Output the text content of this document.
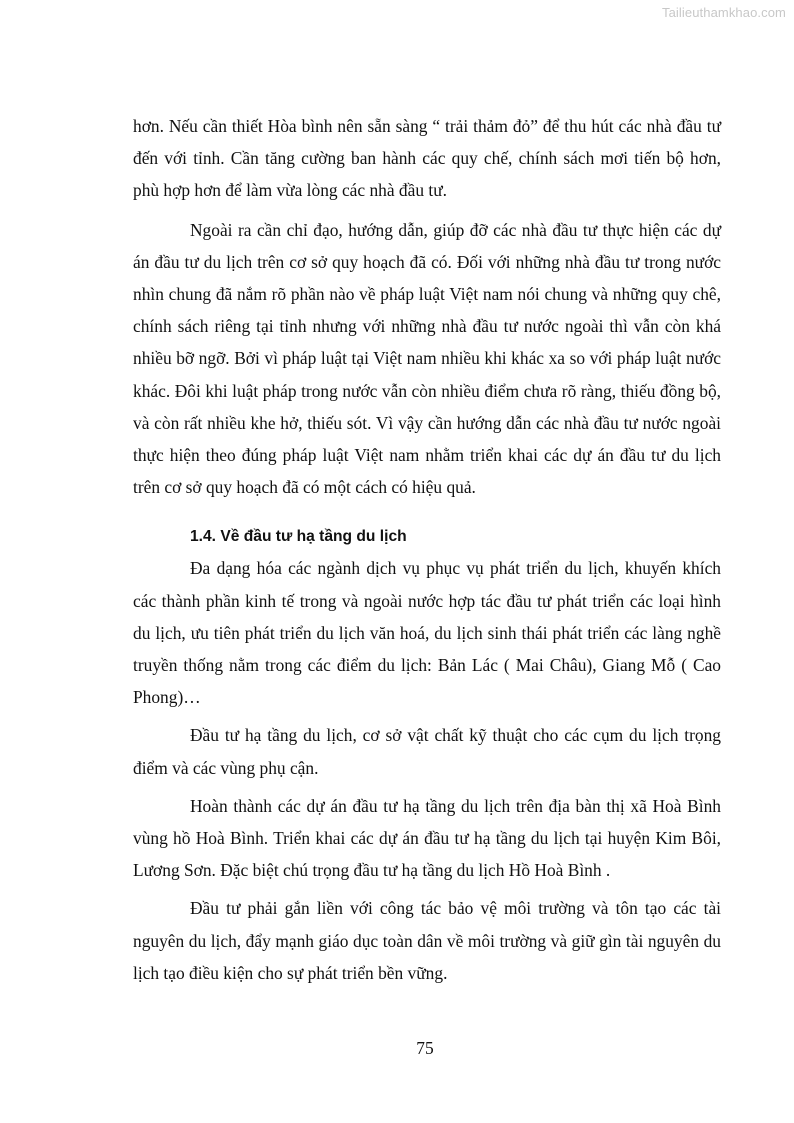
Tailieuthamkhao.com

hơn. Nếu cần thiết Hòa bình nên sẵn sàng “ trải thảm đỏ” để thu hút các nhà đầu tư đến với tỉnh. Cần tăng cường ban hành các quy chế, chính sách mơi tiến bộ hơn, phù hợp hơn để làm vừa lòng các nhà đầu tư.

Ngoài ra cần chỉ đạo, hướng dẫn, giúp đỡ các nhà đầu tư thực hiện các dự án đầu tư du lịch trên cơ sở quy hoạch đã có. Đối với những nhà đầu tư trong nước nhìn chung đã nắm rõ phần nào về pháp luật Việt nam nói chung và những quy chê, chính sách riêng tại tỉnh nhưng với những nhà đầu tư nước ngoài thì vẫn còn khá nhiều bỡ ngỡ. Bởi vì pháp luật tại Việt nam nhiều khi khác xa so với pháp luật nước khác. Đôi khi luật pháp trong nước vẫn còn nhiều điểm chưa rõ ràng, thiếu đồng bộ, và còn rất nhiều khe hở, thiếu sót. Vì vậy cần hướng dẫn các nhà đầu tư nước ngoài thực hiện theo đúng pháp luật Việt nam nhằm triển khai các dự án đầu tư du lịch trên cơ sở quy hoạch đã có một cách có hiệu quả.

1.4. Về đầu tư hạ tầng du lịch

Đa dạng hóa các ngành dịch vụ phục vụ phát triển du lịch, khuyến khích các thành phần kinh tế trong và ngoài nước hợp tác đầu tư phát triển các loại hình du lịch, ưu tiên phát triển du lịch văn hoá, du lịch sinh thái phát triển các làng nghề truyền thống nằm trong các điểm du lịch: Bản Lác ( Mai Châu), Giang Mỗ ( Cao Phong)…

Đầu tư hạ tầng du lịch, cơ sở vật chất kỹ thuật cho các cụm du lịch trọng điểm và các vùng phụ cận.

Hoàn thành các dự án đầu tư hạ tầng du lịch trên địa bàn thị xã Hoà Bình vùng hồ Hoà Bình. Triển khai các dự án đầu tư hạ tầng du lịch tại huyện Kim Bôi, Lương Sơn. Đặc biệt chú trọng đầu tư hạ tầng du lịch Hồ Hoà Bình .

Đầu tư phải gắn liền với công tác bảo vệ môi trường và tôn tạo các tài nguyên du lịch, đẩy mạnh giáo dục toàn dân về môi trường và giữ gìn tài nguyên du lịch tạo điều kiện cho sự phát triển bền vững.

75
